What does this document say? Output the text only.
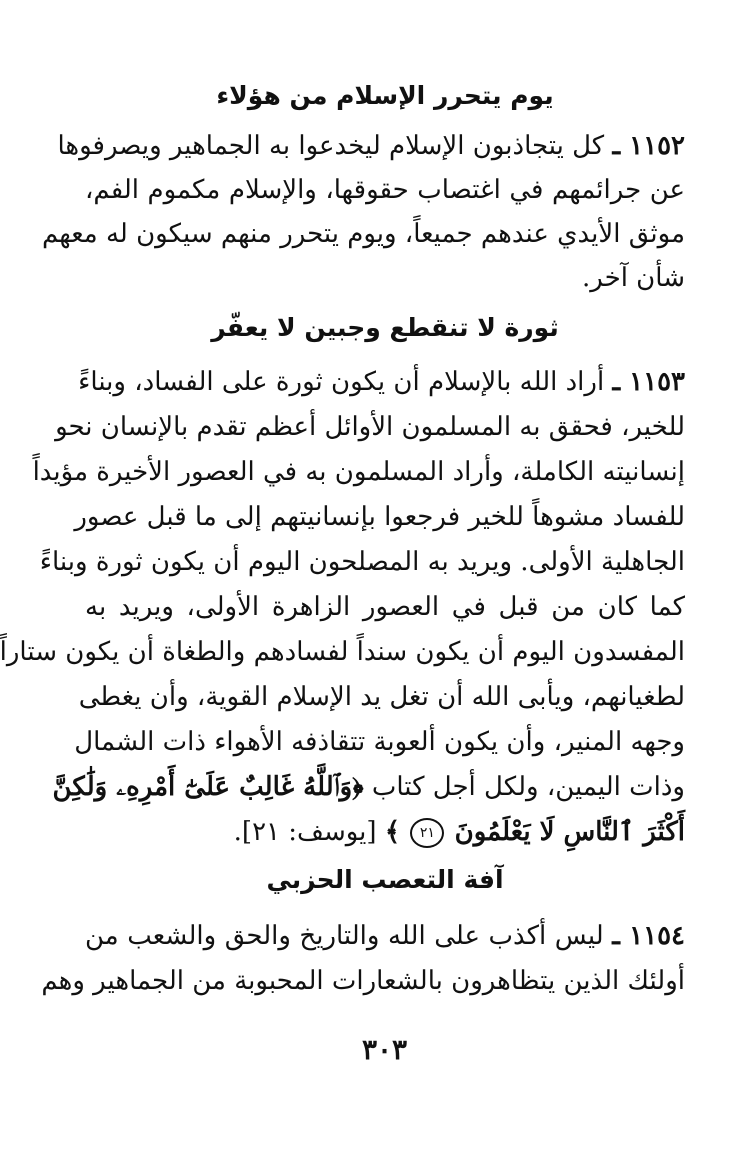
يوم يتحرر الإسلام من هؤلاء
١١٥٢ ـ كل يتجاذبون الإسلام ليخدعوا به الجماهير ويصرفوها
عن جرائمهم في اغتصاب حقوقها، والإسلام مكموم الفم،
موثق الأيدي عندهم جميعاً، ويوم يتحرر منهم سيكون له معهم
شأن آخر.
ثورة لا تنقطع وجبين لا يعفّر
١١٥٣ ـ أراد الله بالإسلام أن يكون ثورة على الفساد، وبناءً
للخير، فحقق به المسلمون الأوائل أعظم تقدم بالإنسان نحو
إنسانيته الكاملة، وأراد المسلمون به في العصور الأخيرة مؤيداً
للفساد مشوهاً للخير فرجعوا بإنسانيتهم إلى ما قبل عصور
الجاهلية الأولى. ويريد به المصلحون اليوم أن يكون ثورة وبناءً
كما كان من قبل في العصور الزاهرة الأولى، ويريد به
المفسدون اليوم أن يكون سنداً لفسادهم والطغاة أن يكون ستاراً
لطغيانهم، ويأبى الله أن تغل يد الإسلام القوية، وأن يغطى
وجهه المنير، وأن يكون ألعوبة تتقاذفه الأهواء ذات الشمال
وذات اليمين، ولكل أجل كتاب ﴿وَٱللَّهُ غَالِبٌ عَلَىٰٓ أَمْرِهِۦ وَلَٰكِنَّ
أَكْثَرَ ٱلنَّاسِ لَا يَعْلَمُونَ ٢١ ﴾ [يوسف: ٢١].
آفة التعصب الحزبي
١١٥٤ ـ ليس أكذب على الله والتاريخ والحق والشعب من
أولئك الذين يتظاهرون بالشعارات المحبوبة من الجماهير وهم
٣٠٣
